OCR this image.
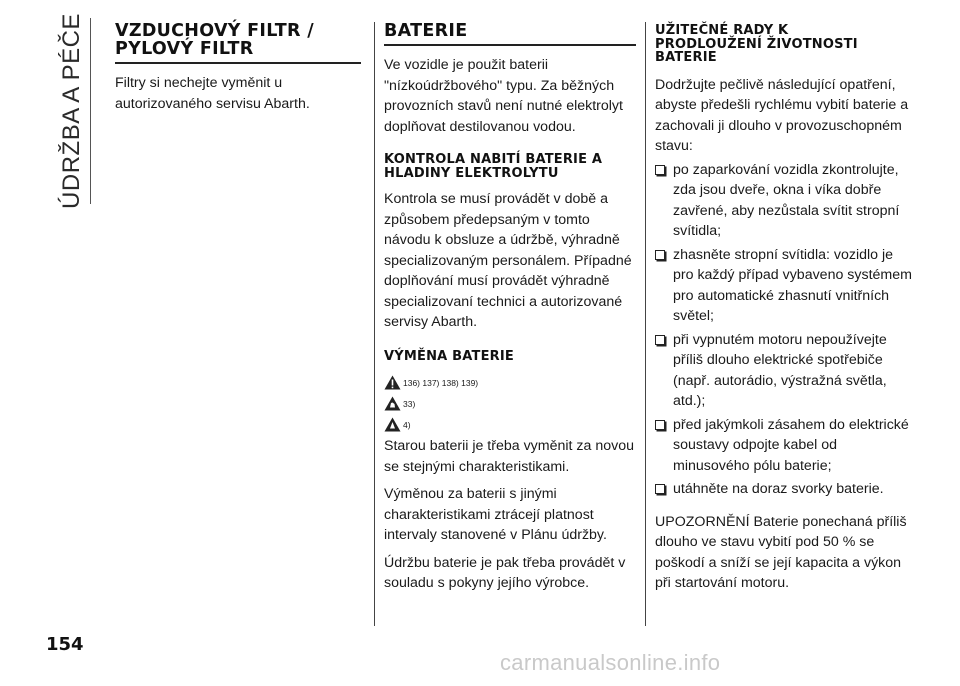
ÚDRŽBA A PÉČE VZDUCHOVÝ FILTR / PYLOVÝ FILTR

Filtry si nechejte vyměnit u autorizovaného servisu Abarth.

BATERIE

Ve vozidle je použit baterii "nízkoúdržbového" typu. Za běžných provozních stavů není nutné elektrolyt doplňovat destilovanou vodou.

KONTROLA NABITÍ BATERIE A HLADINY ELEKTROLYTU

Kontrola se musí provádět v době a způsobem předepsaným v tomto návodu k obsluze a údržbě, výhradně specializovaným personálem. Případné doplňování musí provádět výhradně specializovaní technici a autorizované servisy Abarth.

VÝMĚNA BATERIE
136) 137) 138) 139)
33)
4)

Starou baterii je třeba vyměnit za novou se stejnými charakteristikami.

Výměnou za baterii s jinými charakteristikami ztrácejí platnost intervaly stanovené v Plánu údržby.

Údržbu baterie je pak třeba provádět v souladu s pokyny jejího výrobce.

UŽITEČNÉ RADY K PRODLOUŽENÍ ŽIVOTNOSTI BATERIE

Dodržujte pečlivě následující opatření, abyste předešli rychlému vybití baterie a zachovali ji dlouho v provozuschopném stavu:

po zaparkování vozidla zkontrolujte, zda jsou dveře, okna i víka dobře zavřené, aby nezůstala svítit stropní svítidla;
zhasněte stropní svítidla: vozidlo je pro každý případ vybaveno systémem pro automatické zhasnutí vnitřních světel;
při vypnutém motoru nepoužívejte příliš dlouho elektrické spotřebiče (např. autorádio, výstražná světla, atd.);
před jakýmkoli zásahem do elektrické soustavy odpojte kabel od minusového pólu baterie;
utáhněte na doraz svorky baterie.

UPOZORNĚNÍ Baterie ponechaná příliš dlouho ve stavu vybití pod 50 % se poškodí a sníží se její kapacita a výkon při startování motoru.

154
carmanualsonline.info
